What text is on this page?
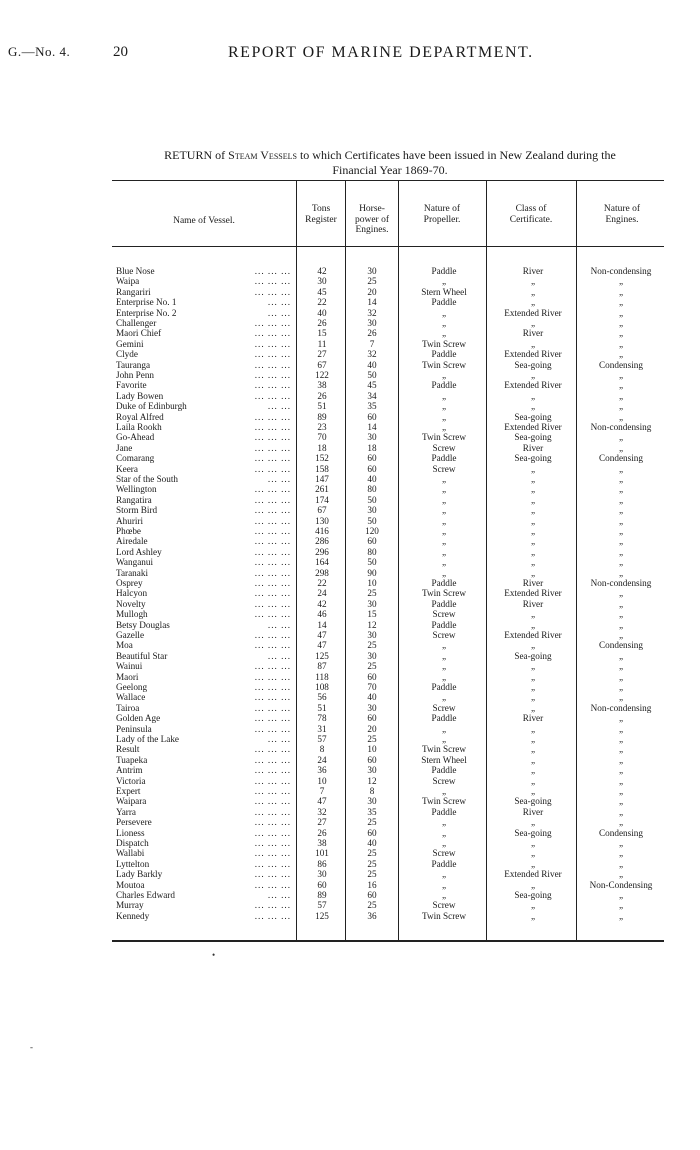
G.—No. 4.	20	REPORT OF MARINE DEPARTMENT.
RETURN of Steam Vessels to which Certificates have been issued in New Zealand during the
Financial Year 1869-70.
Name of Vessel.
Tons Register
Horse-power of Engines.
Nature of Propeller.
Class of Certificate.
Nature of Engines.
Blue Nose	... ... ...	42	30	Paddle	River	Non-condensing
Waipa	... ... ...	30	25	„	„	„
Rangariri	... ... ...	45	20	Stern Wheel	„	„
Enterprise No. 1	... ...	22	14	Paddle	„	„
Enterprise No. 2	... ...	40	32	„	Extended River	„
Challenger	... ... ...	26	30	„	„	„
Maori Chief	... ... ...	15	26	„	River	„
Gemini	... ... ...	11	7	Twin Screw	„	„
Clyde	... ... ...	27	32	Paddle	Extended River	„
Tauranga	... ... ...	67	40	Twin Screw	Sea-going	Condensing
John Penn	... ... ...	122	50	„	„	„
Favorite	... ... ...	38	45	Paddle	Extended River	„
Lady Bowen	... ... ...	26	34	„	„	„
Duke of Edinburgh	... ...	51	35	„	„	„
Royal Alfred	... ... ...	89	60	„	Sea-going	„
Laila Rookh	... ... ...	23	14	„	Extended River	Non-condensing
Go-Ahead	... ... ...	70	30	Twin Screw	Sea-going	„
Jane	... ... ...	18	18	Screw	River	„
Comarang	... ... ...	152	60	Paddle	Sea-going	Condensing
Keera	... ... ...	158	60	Screw	„	„
Star of the South	... ...	147	40	„	„	„
Wellington	... ... ...	261	80	„	„	„
Rangatira	... ... ...	174	50	„	„	„
Storm Bird	... ... ...	67	30	„	„	„
Ahuriri	... ... ...	130	50	„	„	„
Phœbe	... ... ...	416	120	„	„	„
Airedale	... ... ...	286	60	„	„	„
Lord Ashley	... ... ...	296	80	„	„	„
Wanganui	... ... ...	164	50	„	„	„
Taranaki	... ... ...	298	90	„	„	„
Osprey	... ... ...	22	10	Paddle	River	Non-condensing
Halcyon	... ... ...	24	25	Twin Screw	Extended River	„
Novelty	... ... ...	42	30	Paddle	River	„
Mullogh	... ... ...	46	15	Screw	„	„
Betsy Douglas	... ...	14	12	Paddle	„	„
Gazelle	... ... ...	47	30	Screw	Extended River	„
Moa	... ... ...	47	25	„	„	Condensing
Beautiful Star	... ...	125	30	„	Sea-going	„
Wainui	... ... ...	87	25	„	„	„
Maori	... ... ...	118	60	„	„	„
Geelong	... ... ...	108	70	Paddle	„	„
Wallace	... ... ...	56	40	„	„	„
Tairoa	... ... ...	51	30	Screw	„	Non-condensing
Golden Age	... ... ...	78	60	Paddle	River	„
Peninsula	... ... ...	31	20	„	„	„
Lady of the Lake	... ...	57	25	„	„	„
Result	... ... ...	8	10	Twin Screw	„	„
Tuapeka	... ... ...	24	60	Stern Wheel	„	„
Antrim	... ... ...	36	30	Paddle	„	„
Victoria	... ... ...	10	12	Screw	„	„
Expert	... ... ...	7	8	„	„	„
Waipara	... ... ...	47	30	Twin Screw	Sea-going	„
Yarra	... ... ...	32	35	Paddle	River	„
Persevere	... ... ...	27	25	„	„	„
Lioness	... ... ...	26	60	„	Sea-going	Condensing
Dispatch	... ... ...	38	40	„	„	„
Wallabi	... ... ...	101	25	Screw	„	„
Lyttelton	... ... ...	86	25	Paddle	„	„
Lady Barkly	... ... ...	30	25	„	Extended River	„
Moutoa	... ... ...	60	16	„	„	Non-Condensing
Charles Edward	... ...	89	60	„	Sea-going	„
Murray	... ... ...	57	25	Screw	„	„
Kennedy	... ... ...	125	36	Twin Screw	„	„
•
-
